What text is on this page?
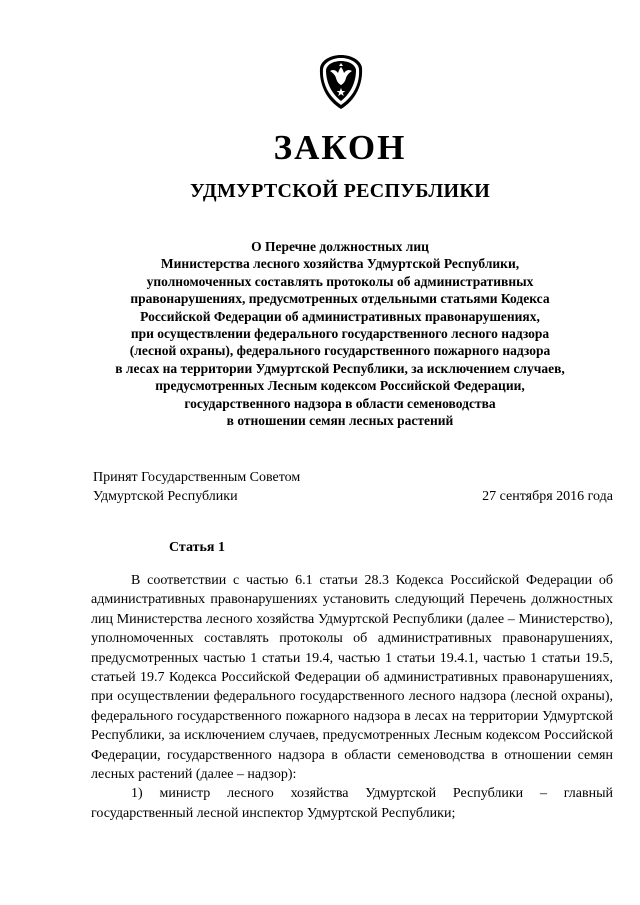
ЗАКОН
УДМУРТСКОЙ РЕСПУБЛИКИ
О Перечне должностных лиц
Министерства лесного хозяйства Удмуртской Республики,
уполномоченных составлять протоколы об административных
правонарушениях, предусмотренных отдельными статьями Кодекса
Российской Федерации об административных правонарушениях,
при осуществлении федерального государственного лесного надзора
(лесной охраны), федерального государственного пожарного надзора
в лесах на территории Удмуртской Республики, за исключением случаев,
предусмотренных Лесным кодексом Российской Федерации,
государственного надзора в области семеноводства
в отношении семян лесных растений
Принят Государственным Советом
Удмуртской Республики	27 сентября 2016 года
Статья 1

В соответствии с частью 6.1 статьи 28.3 Кодекса Российской Федерации об административных правонарушениях установить следующий Перечень должностных лиц Министерства лесного хозяйства Удмуртской Республики (далее – Министерство), уполномоченных составлять протоколы об административных правонарушениях, предусмотренных частью 1 статьи 19.4, частью 1 статьи 19.4.1, частью 1 статьи 19.5, статьей 19.7 Кодекса Российской Федерации об административных правонарушениях, при осуществлении федерального государственного лесного надзора (лесной охраны), федерального государственного пожарного надзора в лесах на территории Удмуртской Республики, за исключением случаев, предусмотренных Лесным кодексом Российской Федерации, государственного надзора в области семеноводства в отношении семян лесных растений (далее – надзор):

1) министр лесного хозяйства Удмуртской Республики – главный государственный лесной инспектор Удмуртской Республики;
